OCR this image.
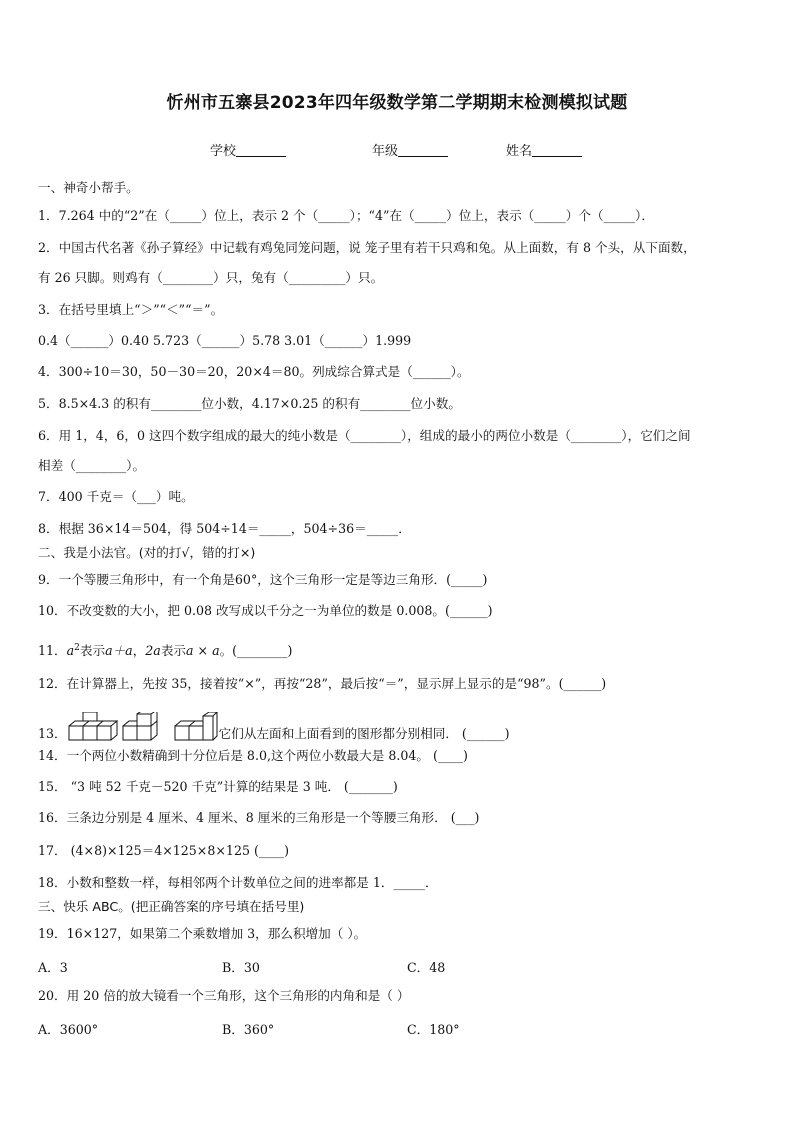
忻州市五寨县2023年四年级数学第二学期期末检测模拟试题
学校	年级	姓名
一、神奇小帮手。
1．7.264 中的“2”在（_____）位上，表示 2 个（_____）；“4”在（_____）位上，表示（_____）个（_____）．
2．中国古代名著《孙子算经》中记载有鸡兔同笼问题，说 笼子里有若干只鸡和兔。从上面数，有 8 个头，从下面数，
有 26 只脚。则鸡有（________）只，兔有（_________）只。
3．在括号里填上“＞”“＜”“＝”。
0.4（______）0.40 5.723（______）5.78 3.01（______）1.999
4．300÷10＝30，50－30＝20，20×4＝80。列成综合算式是（______）。
5．8.5×4.3 的积有________位小数，4.17×0.25 的积有________位小数。
6．用 1，4，6，0 这四个数字组成的最大的纯小数是（________），组成的最小的两位小数是（________），它们之间
相差（________）。
7．400 千克＝（___）吨。
8．根据 36×14＝504，得 504÷14＝_____，504÷36＝_____．
二、我是小法官。(对的打√，错的打×)
9．一个等腰三角形中，有一个角是60°，这个三角形一定是等边三角形．(_____)
10．不改变数的大小，把 0.08 改写成以千分之一为单位的数是 0.008。(______)
11．$a^2$表示a＋a，2a表示a × a。(________)
12．在计算器上，先按 35，接着按“×”，再按“28”，最后按“＝”，显示屏上显示的是“98”。(______)
13．	它们从左面和上面看到的图形都分别相同． (______)
14．一个两位小数精确到十分位后是 8.0,这个两位小数最大是 8.04。 (____)
15． “3 吨 52 千克－520 千克”计算的结果是 3 吨． (_______)
16．三条边分别是 4 厘米、4 厘米、8 厘米的三角形是一个等腰三角形． (___)
17． (4×8)×125＝4×125×8×125 (____)
18．小数和整数一样，每相邻两个计数单位之间的进率都是 1．_____．
三、快乐 ABC。(把正确答案的序号填在括号里)
19．16×127，如果第二个乘数增加 3，那么积增加（ ）。
A．3	B．30	C．48
20．用 20 倍的放大镜看一个三角形，这个三角形的内角和是（ ）
A．3600°	B．360°	C．180°
